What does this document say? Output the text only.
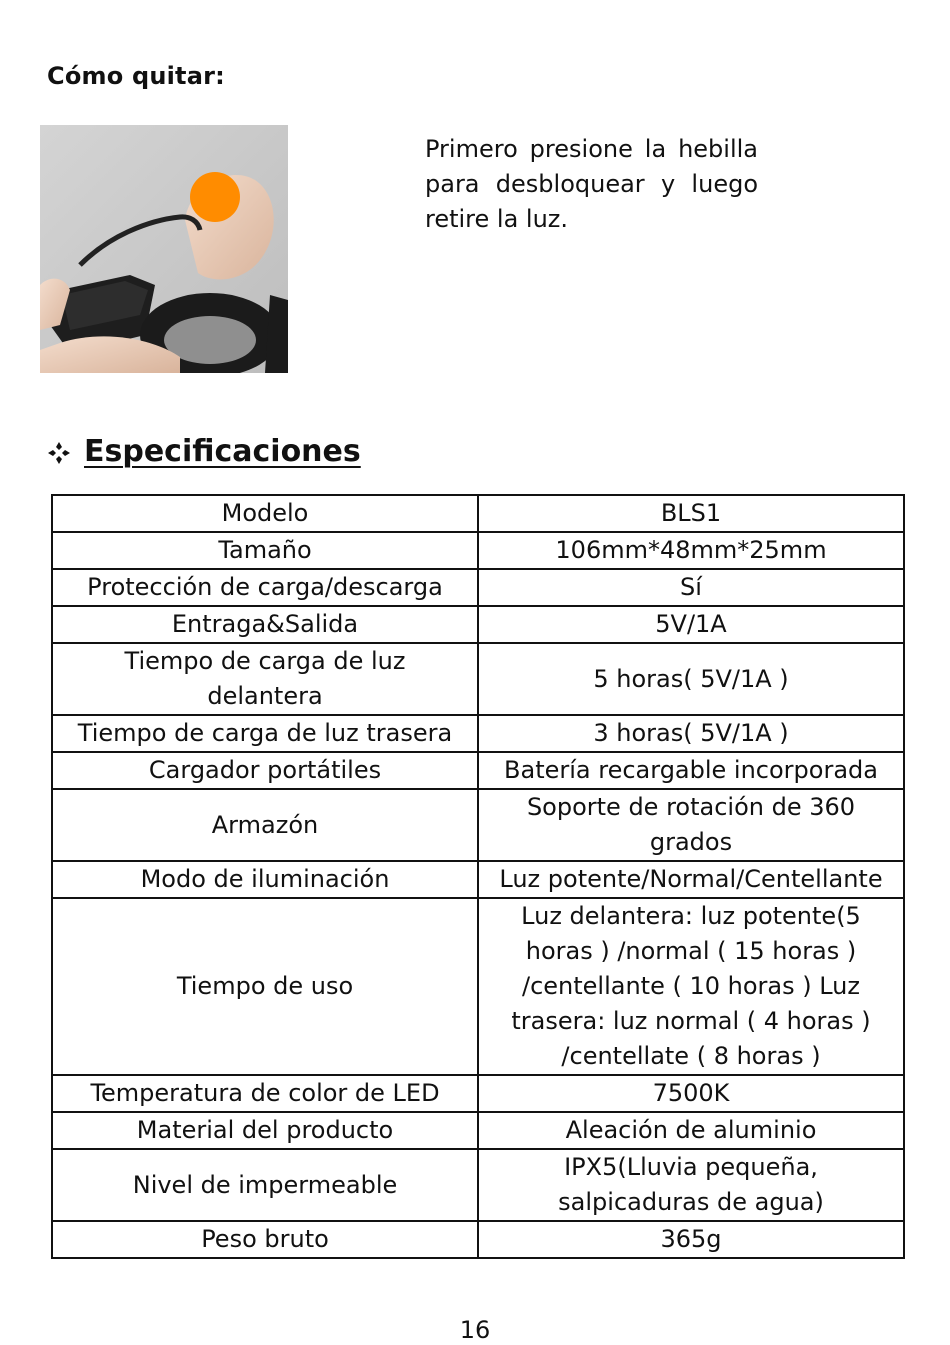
Cómo quitar:
Primero presione la hebilla para desbloquear y luego retire la luz.
Especificaciones
Modelo	BLS1
Tamaño	106mm*48mm*25mm
Protección de carga/descarga	Sí
Entraga&Salida	5V/1A
Tiempo de carga de luz delantera	5 horas( 5V/1A )
Tiempo de carga de luz trasera	3 horas( 5V/1A )
Cargador portátiles	Batería recargable incorporada
Armazón	Soporte de rotación de 360 grados
Modo de iluminación	Luz potente/Normal/Centellante
Tiempo de uso	Luz delantera: luz potente(5 horas ) /normal ( 15 horas ) /centellante ( 10 horas ) Luz trasera: luz normal ( 4 horas ) /centellate ( 8 horas )
Temperatura de color de LED	7500K
Material del producto	Aleación de aluminio
Nivel de impermeable	IPX5(Lluvia pequeña, salpicaduras de agua)
Peso bruto	365g
16
